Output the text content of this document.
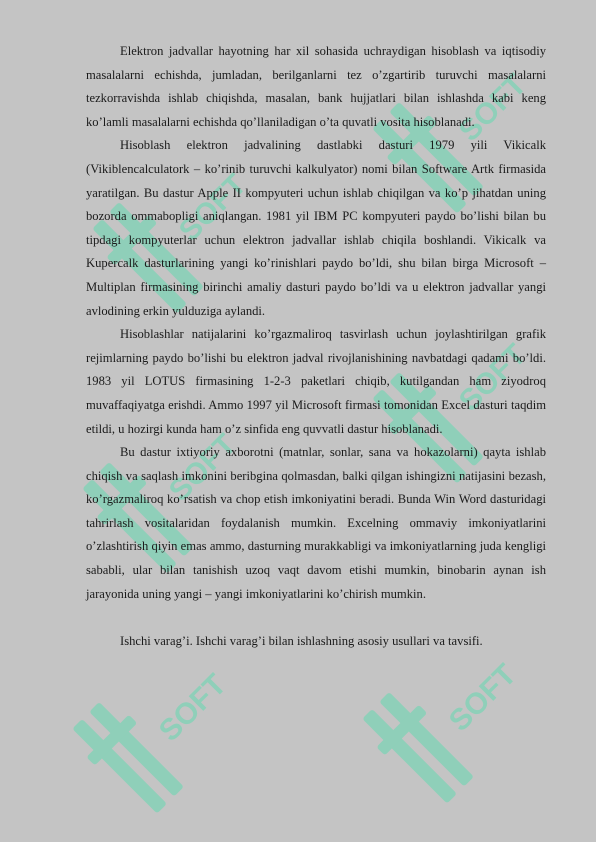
SOFT
SOFT
SOFT
SOFT
SOFT
SOFT

Elektron jadvallar hayotning har xil sohasida uchraydigan hisoblash va iqtisodiy masalalarni echishda, jumladan, berilganlarni tez o’zgartirib turuvchi masalalarni tezkorravishda ishlab chiqishda, masalan, bank hujjatlari bilan ishlashda kabi keng ko’lamli masalalarni echishda qo’llaniladigan o’ta quvatli vosita hisoblanadi.

Hisoblash elektron jadvalining dastlabki dasturi 1979 yili Vikicalk (Vikiblencalculatork – ko’rinib turuvchi kalkulyator) nomi bilan Software Artk firmasida yaratilgan. Bu dastur Apple II kompyuteri uchun ishlab chiqilgan va ko’p jihatdan uning bozorda ommabopligi aniqlangan. 1981 yil IBM PC kompyuteri paydo bo’lishi bilan bu tipdagi kompyuterlar uchun elektron jadvallar ishlab chiqila boshlandi. Vikicalk va Kupercalk dasturlarining yangi ko’rinishlari paydo bo’ldi, shu bilan birga Microsoft – Multiplan firmasining birinchi amaliy dasturi paydo bo’ldi va u elektron jadvallar yangi avlodining erkin yulduziga aylandi.

Hisoblashlar natijalarini ko’rgazmaliroq tasvirlash uchun joylashtirilgan grafik rejimlarning paydo bo’lishi bu elektron jadval rivojlanishining navbatdagi qadami bo’ldi. 1983 yil LOTUS firmasining 1-2-3 paketlari chiqib, kutilgandan ham ziyodroq muvaffaqiyatga erishdi. Ammo 1997 yil Microsoft firmasi tomonidan Excel dasturi taqdim etildi, u hozirgi kunda ham o’z sinfida eng quvvatli dastur hisoblanadi.

Bu dastur ixtiyoriy axborotni (matnlar, sonlar, sana va hokazolarni) qayta ishlab chiqish va saqlash imkonini beribgina qolmasdan, balki qilgan ishingizni natijasini bezash, ko’rgazmaliroq ko’rsatish va chop etish imkoniyatini beradi. Bunda Win Word dasturidagi tahrirlash vositalaridan foydalanish mumkin. Excelning ommaviy imkoniyatlarini o’zlashtirish qiyin emas ammo, dasturning murakkabligi va imkoniyatlarning juda kengligi sababli, ular bilan tanishish uzoq vaqt davom etishi mumkin, binobarin aynan ish jarayonida uning yangi – yangi imkoniyatlarini ko’chirish mumkin.

Ishchi varag’i. Ishchi varag’i bilan ishlashning asosiy usullari va tavsifi.
